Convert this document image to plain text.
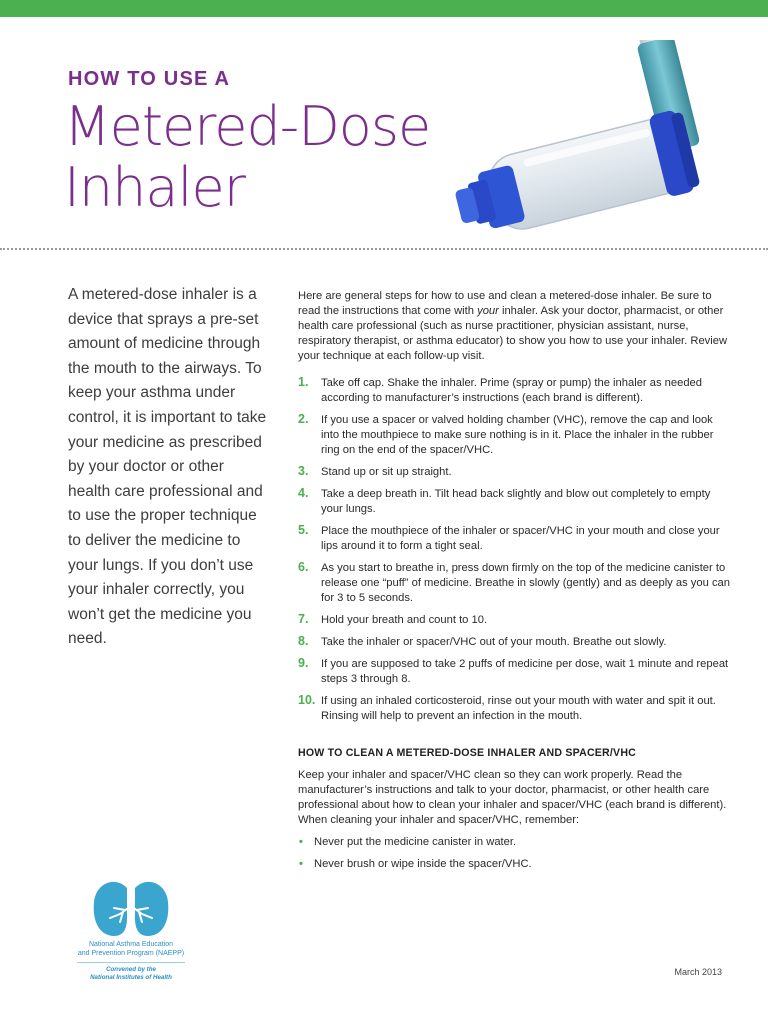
HOW TO USE A
Metered-Dose
Inhaler

A metered-dose inhaler is a device that sprays a pre-set amount of medicine through the mouth to the airways. To keep your asthma under control, it is important to take your medicine as prescribed by your doctor or other health care professional and to use the proper technique to deliver the medicine to your lungs. If you don’t use your inhaler correctly, you won’t get the medicine you need.

Here are general steps for how to use and clean a metered-dose inhaler. Be sure to read the instructions that come with your inhaler. Ask your doctor, pharmacist, or other health care professional (such as nurse practitioner, physician assistant, nurse, respiratory therapist, or asthma educator) to show you how to use your inhaler. Review your technique at each follow-up visit.

1. Take off cap. Shake the inhaler. Prime (spray or pump) the inhaler as needed according to manufacturer’s instructions (each brand is different).
2. If you use a spacer or valved holding chamber (VHC), remove the cap and look into the mouthpiece to make sure nothing is in it. Place the inhaler in the rubber ring on the end of the spacer/VHC.
3. Stand up or sit up straight.
4. Take a deep breath in. Tilt head back slightly and blow out completely to empty your lungs.
5. Place the mouthpiece of the inhaler or spacer/VHC in your mouth and close your lips around it to form a tight seal.
6. As you start to breathe in, press down firmly on the top of the medicine canister to release one “puff” of medicine. Breathe in slowly (gently) and as deeply as you can for 3 to 5 seconds.
7. Hold your breath and count to 10.
8. Take the inhaler or spacer/VHC out of your mouth. Breathe out slowly.
9. If you are supposed to take 2 puffs of medicine per dose, wait 1 minute and repeat steps 3 through 8.
10. If using an inhaled corticosteroid, rinse out your mouth with water and spit it out. Rinsing will help to prevent an infection in the mouth.
HOW TO CLEAN A METERED-DOSE INHALER AND SPACER/VHC

Keep your inhaler and spacer/VHC clean so they can work properly. Read the manufacturer’s instructions and talk to your doctor, pharmacist, or other health care professional about how to clean your inhaler and spacer/VHC (each brand is different). When cleaning your inhaler and spacer/VHC, remember:

• Never put the medicine canister in water.
• Never brush or wipe inside the spacer/VHC.
National Asthma Education
and Prevention Program (NAEPP)
Convened by the
National Institutes of Health	March 2013
